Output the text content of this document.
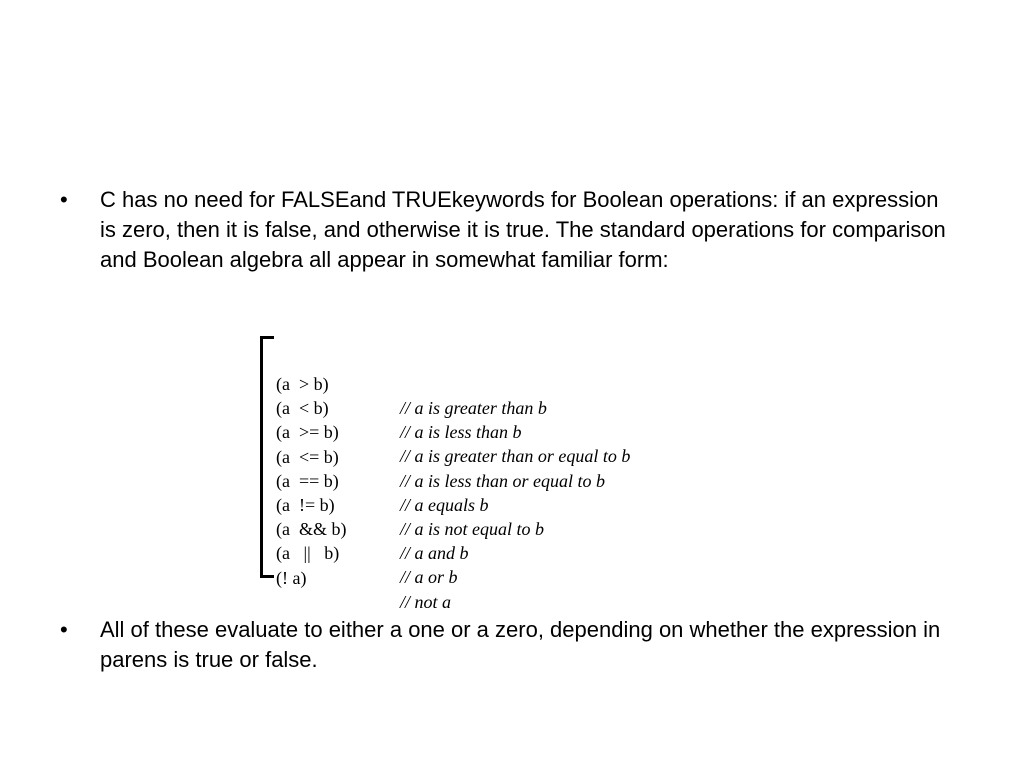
•	C has no need for FALSEand TRUEkeywords for Boolean operations: if an expression is zero, then it is false, and otherwise it is true. The standard operations for comparison and Boolean algebra all appear in somewhat familiar form:

(a  > b)

// a is greater than b

(a  < b)

// a is less than b

(a  >= b)

// a is greater than or equal to b

(a  <= b)

// a is less than or equal to b

(a  == b)

// a equals b

(a  != b)

// a is not equal to b

(a  && b)

// a and b

(a   ||   b)

// a or b

(! a)

// not a

•	All of these evaluate to either a one or a zero, depending on whether the expression in parens is true or false.
